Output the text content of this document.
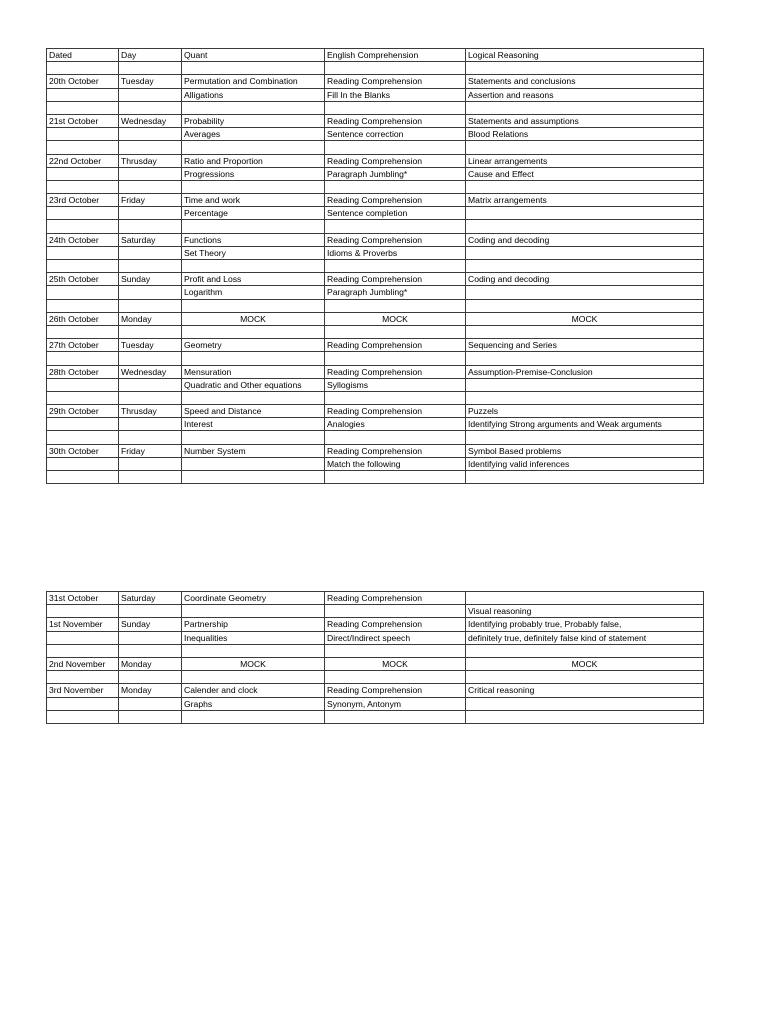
Dated	Day	Quant	English Comprehension	Logical Reasoning

20th October	Tuesday	Permutation and Combination	Reading Comprehension	Statements and conclusions
		Alligations	Fill In the Blanks	Assertion and reasons

21st October	Wednesday	Probability	Reading Comprehension	Statements and assumptions
		Averages	Sentence correction	Blood Relations

22nd October	Thrusday	Ratio and Proportion	Reading Comprehension	Linear arrangements
		Progressions	Paragraph Jumbling*	Cause and Effect

23rd October	Friday	Time and work	Reading Comprehension	Matrix arrangements
		Percentage	Sentence completion	

24th October	Saturday	Functions	Reading Comprehension	Coding and decoding
		Set Theory	Idioms & Proverbs	

25th October	Sunday	Profit and Loss	Reading Comprehension	Coding and decoding
		Logarithm	Paragraph Jumbling*	

26th October	Monday	MOCK	MOCK	MOCK

27th October	Tuesday	Geometry	Reading Comprehension	Sequencing and Series

28th October	Wednesday	Mensuration	Reading Comprehension	Assumption-Premise-Conclusion
		Quadratic and Other equations	Syllogisms	

29th October	Thrusday	Speed and Distance	Reading Comprehension	Puzzels
		Interest	Analogies	Identifying Strong arguments and Weak arguments

30th October	Friday	Number System	Reading Comprehension	Symbol Based problems
			Match the following	Identifying valid inferences

31st October	Saturday	Coordinate Geometry	Reading Comprehension	
				Visual reasoning
1st November	Sunday	Partnership	Reading Comprehension	Identifying probably true, Probably false,
		Inequalities	Direct/Indirect speech	definitely true, definitely false kind of statement

2nd November	Monday	MOCK	MOCK	MOCK

3rd November	Monday	Calender and clock	Reading Comprehension	Critical reasoning
		Graphs	Synonym, Antonym	
